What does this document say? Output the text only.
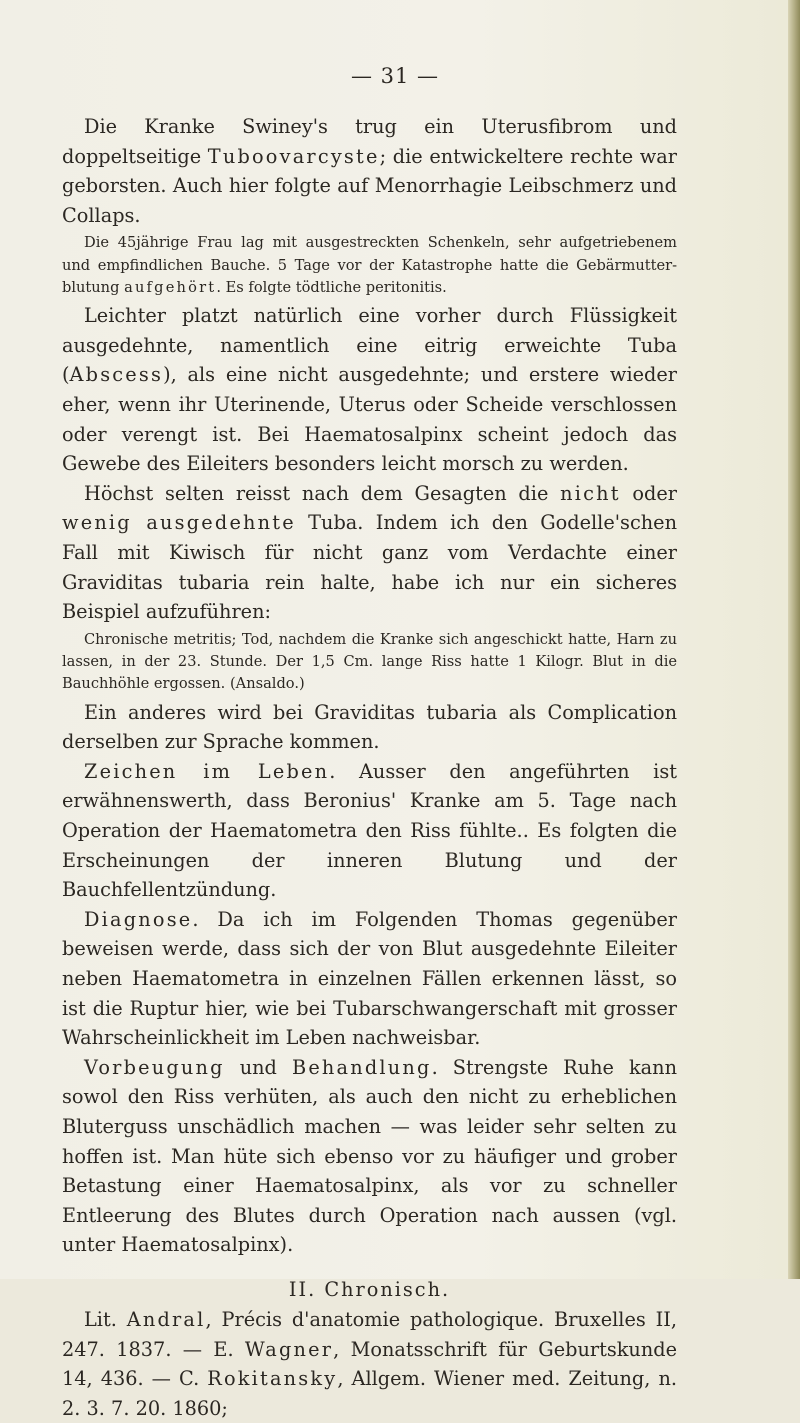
— 31 —

Die Kranke Swiney's trug ein Uterusfibrom und doppeltseitige Tuboovarcyste; die entwickeltere rechte war geborsten. Auch hier folgte auf Menorrhagie Leibschmerz und Collaps.

Die 45jährige Frau lag mit ausgestreckten Schenkeln, sehr aufgetriebenem und empfindlichen Bauche. 5 Tage vor der Katastrophe hatte die Gebärmutter-blutung aufgehört. Es folgte tödtliche peritonitis.

Leichter platzt natürlich eine vorher durch Flüssigkeit ausgedehnte, namentlich eine eitrig erweichte Tuba (Abscess), als eine nicht ausgedehnte; und erstere wieder eher, wenn ihr Uterinende, Uterus oder Scheide verschlossen oder verengt ist. Bei Haematosalpinx scheint jedoch das Gewebe des Eileiters besonders leicht morsch zu werden.

Höchst selten reisst nach dem Gesagten die nicht oder wenig ausgedehnte Tuba. Indem ich den Godelle'schen Fall mit Kiwisch für nicht ganz vom Verdachte einer Graviditas tubaria rein halte, habe ich nur ein sicheres Beispiel aufzuführen:

Chronische metritis; Tod, nachdem die Kranke sich angeschickt hatte, Harn zu lassen, in der 23. Stunde. Der 1,5 Cm. lange Riss hatte 1 Kilogr. Blut in die Bauchhöhle ergossen. (Ansaldo.)

Ein anderes wird bei Graviditas tubaria als Complication derselben zur Sprache kommen.

Zeichen im Leben. Ausser den angeführten ist erwähnenswerth, dass Beronius' Kranke am 5. Tage nach Operation der Haematometra den Riss fühlte.. Es folgten die Erscheinungen der inneren Blutung und der Bauchfellentzündung.

Diagnose. Da ich im Folgenden Thomas gegenüber beweisen werde, dass sich der von Blut ausgedehnte Eileiter neben Haematometra in einzelnen Fällen erkennen lässt, so ist die Ruptur hier, wie bei Tubarschwangerschaft mit grosser Wahrscheinlickheit im Leben nachweisbar.

Vorbeugung und Behandlung. Strengste Ruhe kann sowol den Riss verhüten, als auch den nicht zu erheblichen Bluterguss unschädlich machen — was leider sehr selten zu hoffen ist. Man hüte sich ebenso vor zu häufiger und grober Betastung einer Haematosalpinx, als vor zu schneller Entleerung des Blutes durch Operation nach aussen (vgl. unter Haematosalpinx).

II. Chronisch.

Lit. Andral, Précis d'anatomie pathologique. Bruxelles II, 247. 1837. — E. Wagner, Monatsschrift für Geburtskunde 14, 436. — C. Rokitansky, Allgem. Wiener med. Zeitung, n. 2. 3. 7. 20. 1860;
